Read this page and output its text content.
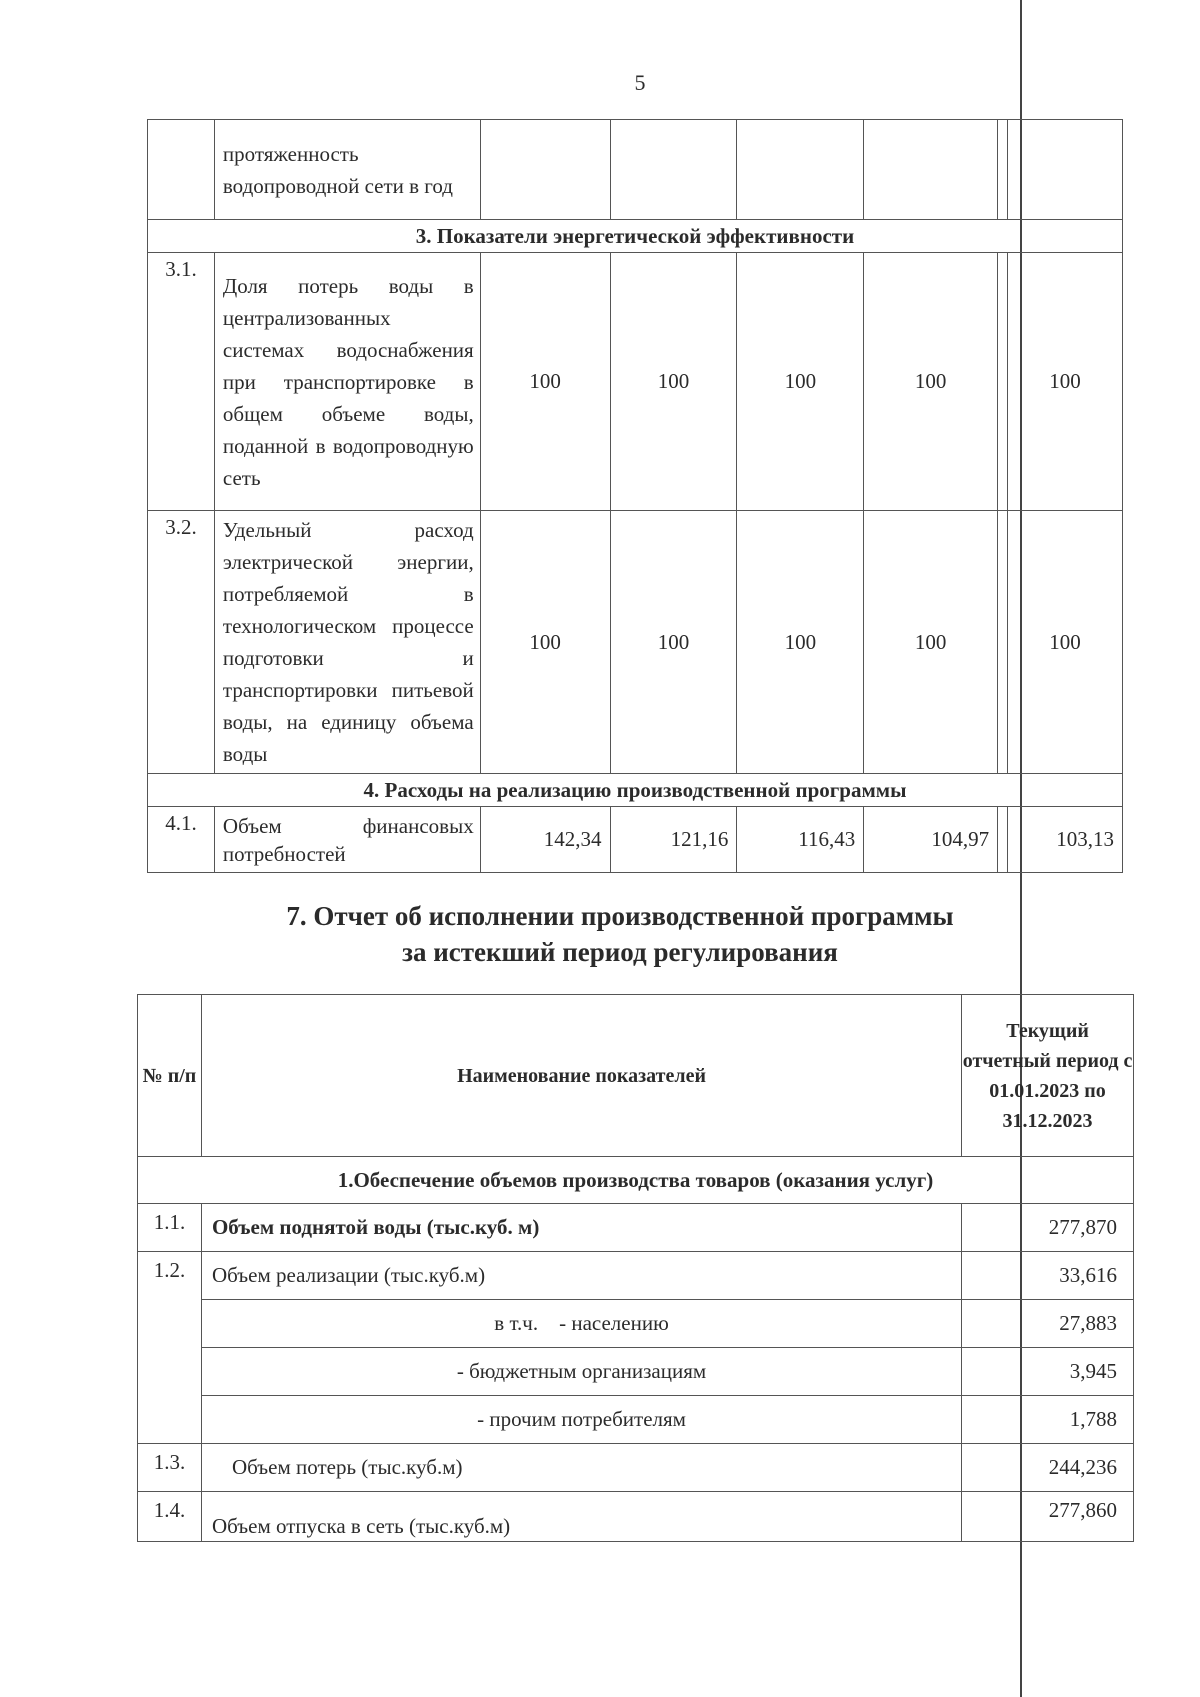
5
	протяженность водопроводной сети в год						
3. Показатели энергетической эффективности							
3.1.	Доля потерь воды в централизованных системах водоснабжения при транспортировке в общем объеме воды, поданной в водопроводную сеть	100	100	100	100		100
3.2.	Удельный расход электрической энергии, потребляемой в технологическом процессе подготовки и транспортировки питьевой воды, на единицу объема воды	100	100	100	100		100
4. Расходы на реализацию производственной программы							
4.1.	Объем финансовых потребностей	142,34	121,16	116,43	104,97		103,13
7. Отчет об исполнении производственной программы
за истекший период регулирования
№ п/п	Наименование показателей	Текущий отчетный период с 01.01.2023 по 31.12.2023
1.Обеспечение объемов производства товаров (оказания услуг)		
1.1.	Объем поднятой воды (тыс.куб. м)	277,870
1.2.	Объем реализации (тыс.куб.м)	33,616
	в т.ч.    - населению	27,883
	- бюджетным организациям	3,945
	- прочим потребителям	1,788
1.3.	Объем потерь (тыс.куб.м)	244,236
1.4.	Объем отпуска в сеть (тыс.куб.м)	277,860
